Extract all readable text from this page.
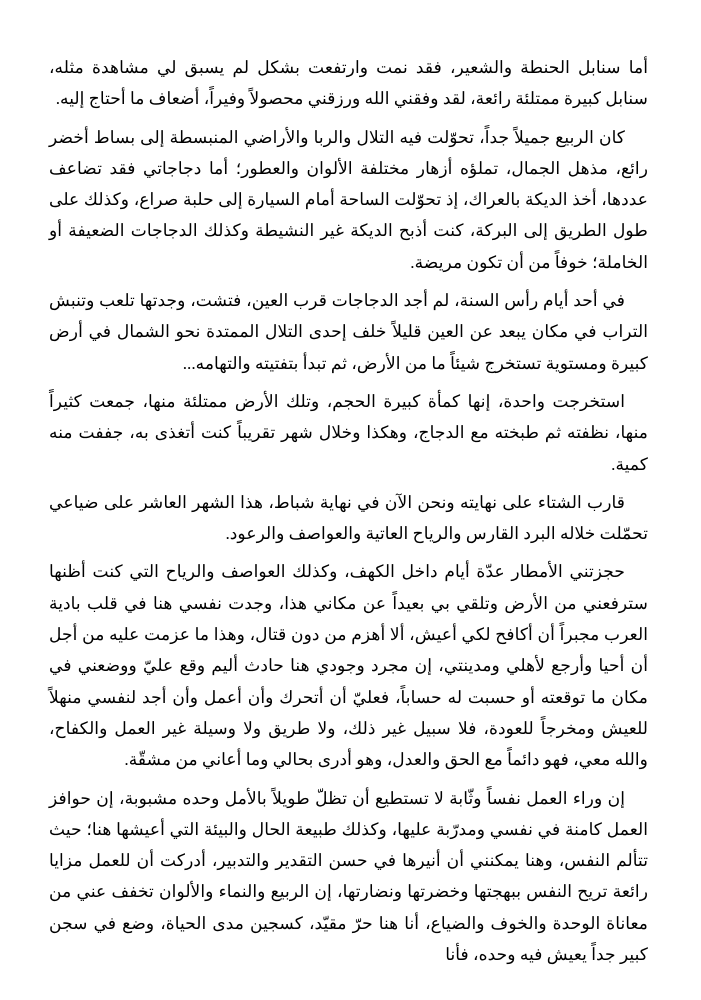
أما سنابل الحنطة والشعير، فقد نمت وارتفعت بشكل لم يسبق لي مشاهدة مثله، سنابل كبيرة ممتلئة رائعة، لقد وفقني الله ورزقني محصولاً وفيراً، أضعاف ما أحتاج إليه.

كان الربيع جميلاً جداً، تحوّلت فيه التلال والربا والأراضي المنبسطة إلى بساط أخضر رائع، مذهل الجمال، تملؤه أزهار مختلفة الألوان والعطور؛ أما دجاجاتي فقد تضاعف عددها، أخذ الديكة بالعراك، إذ تحوّلت الساحة أمام السيارة إلى حلبة صراع، وكذلك على طول الطريق إلى البركة، كنت أذبح الديكة غير النشيطة وكذلك الدجاجات الضعيفة أو الخاملة؛ خوفاً من أن تكون مريضة.

في أحد أيام رأس السنة، لم أجد الدجاجات قرب العين، فتشت، وجدتها تلعب وتنبش التراب في مكان يبعد عن العين قليلاً خلف إحدى التلال الممتدة نحو الشمال في أرض كبيرة ومستوية تستخرج شيئاً ما من الأرض، ثم تبدأ بتفتيته والتهامه...

استخرجت واحدة، إنها كمأة كبيرة الحجم، وتلك الأرض ممتلئة منها، جمعت كثيراً منها، نظفته ثم طبخته مع الدجاج، وهكذا وخلال شهر تقريباً كنت أتغذى به، جففت منه كمية.

قارب الشتاء على نهايته ونحن الآن في نهاية شباط، هذا الشهر العاشر على ضياعي تحمّلت خلاله البرد القارس والرياح العاتية والعواصف والرعود.

حجزتني الأمطار عدّة أيام داخل الكهف، وكذلك العواصف والرياح التي كنت أظنها سترفعني من الأرض وتلقي بي بعيداً عن مكاني هذا، وجدت نفسي هنا في قلب بادية العرب مجبراً أن أكافح لكي أعيش، ألا أهزم من دون قتال، وهذا ما عزمت عليه من أجل أن أحيا وأرجع لأهلي ومدينتي، إن مجرد وجودي هنا حادث أليم وقع عليّ ووضعني في مكان ما توقعته أو حسبت له حساباً، فعليّ أن أتحرك وأن أعمل وأن أجد لنفسي منهلاً للعيش ومخرجاً للعودة، فلا سبيل غير ذلك، ولا طريق ولا وسيلة غير العمل والكفاح، والله معي، فهو دائماً مع الحق والعدل، وهو أدرى بحالي وما أعاني من مشقّة.

إن وراء العمل نفساً وثّابة لا تستطيع أن تظلّ طويلاً بالأمل وحده مشبوبة، إن حوافز العمل كامنة في نفسي ومدرّبة عليها، وكذلك طبيعة الحال والبيئة التي أعيشها هنا؛ حيث تتألم النفس، وهنا يمكنني أن أنيرها في حسن التقدير والتدبير، أدركت أن للعمل مزايا رائعة تريح النفس ببهجتها وخضرتها ونضارتها، إن الربيع والنماء والألوان تخفف عني من معاناة الوحدة والخوف والضياع، أنا هنا حرّ مقيّد، كسجين مدى الحياة، وضع في سجن كبير جداً يعيش فيه وحده، فأنا
